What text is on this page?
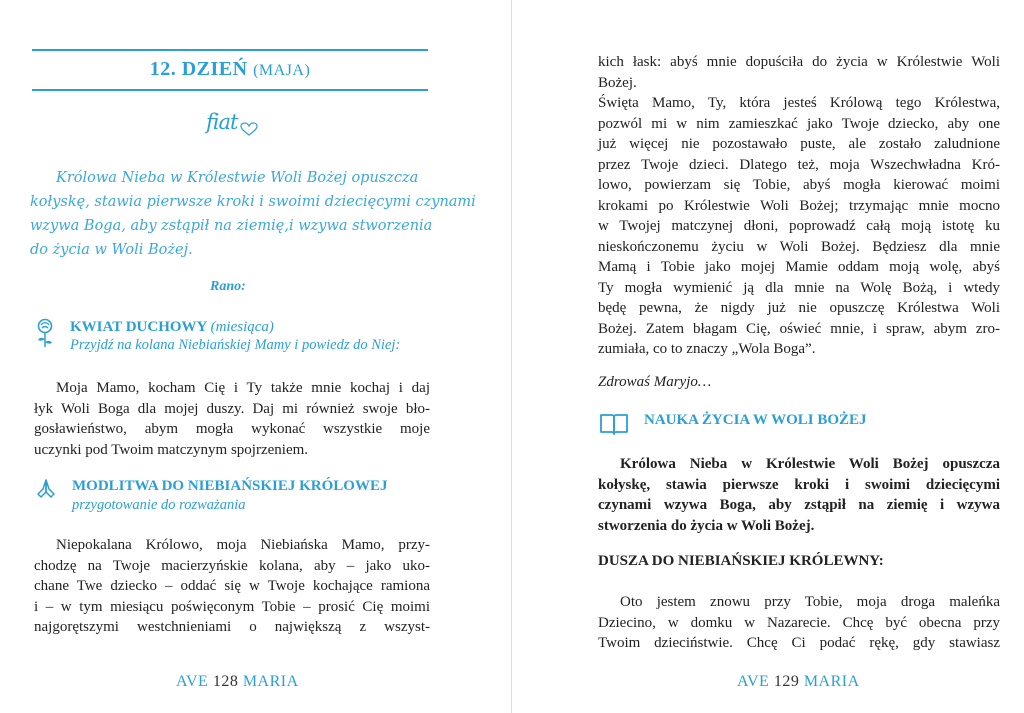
12. DZIEŃ (MAJA)
fiat
Królowa Nieba w Królestwie Woli Bożej opuszcza
kołyskę, stawia pierwsze kroki i swoimi dziecięcymi czynami
wzywa Boga, aby zstąpił na ziemię,i wzywa stworzenia
do życia w Woli Bożej.
Rano:
KWIAT DUCHOWY (miesiąca)
Przyjdź na kolana Niebiańskiej Mamy i powiedz do Niej:
Moja Mamo, kocham Cię i Ty także mnie kochaj i daj
łyk Woli Boga dla mojej duszy. Daj mi również swoje bło-
gosławieństwo, abym mogła wykonać wszystkie moje
uczynki pod Twoim matczynym spojrzeniem.
MODLITWA DO NIEBIAŃSKIEJ KRÓLOWEJ
przygotowanie do rozważania
Niepokalana Królowo, moja Niebiańska Mamo, przy-
chodzę na Twoje macierzyńskie kolana, aby – jako uko-
chane Twe dziecko – oddać się w Twoje kochające ramiona
i – w tym miesiącu poświęconym Tobie – prosić Cię moimi
najgorętszymi westchnieniami o największą z wszyst-
AVE 128 MARIA
kich łask: abyś mnie dopuściła do życia w Królestwie Woli
Bożej.
Święta Mamo, Ty, która jesteś Królową tego Królestwa,
pozwól mi w nim zamieszkać jako Twoje dziecko, aby one
już więcej nie pozostawało puste, ale zostało zaludnione
przez Twoje dzieci. Dlatego też, moja Wszechwładna Kró-
lowo, powierzam się Tobie, abyś mogła kierować moimi
krokami po Królestwie Woli Bożej; trzymając mnie mocno
w Twojej matczynej dłoni, poprowadź całą moją istotę ku
nieskończonemu życiu w Woli Bożej. Będziesz dla mnie
Mamą i Tobie jako mojej Mamie oddam moją wolę, abyś
Ty mogła wymienić ją dla mnie na Wolę Bożą, i wtedy
będę pewna, że nigdy już nie opuszczę Królestwa Woli
Bożej. Zatem błagam Cię, oświeć mnie, i spraw, abym zro-
zumiała, co to znaczy „Wola Boga”.
Zdrowaś Maryjo…
NAUKA ŻYCIA W WOLI BOŻEJ
Królowa Nieba w Królestwie Woli Bożej opuszcza
kołyskę, stawia pierwsze kroki i swoimi dziecięcymi
czynami wzywa Boga, aby zstąpił na ziemię i wzywa
stworzenia do życia w Woli Bożej.
DUSZA DO NIEBIAŃSKIEJ KRÓLEWNY:
Oto jestem znowu przy Tobie, moja droga maleńka
Dziecino, w domku w Nazarecie. Chcę być obecna przy
Twoim dzieciństwie. Chcę Ci podać rękę, gdy stawiasz
AVE 129 MARIA
